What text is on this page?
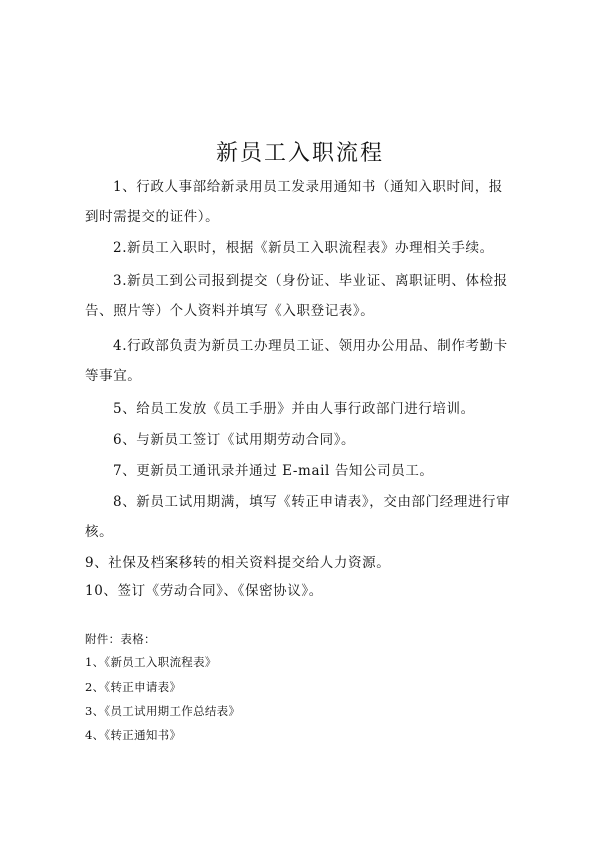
新员工入职流程
1、行政人事部给新录用员工发录用通知书（通知入职时间，报
到时需提交的证件）。
2.新员工入职时，根据《新员工入职流程表》办理相关手续。
3.新员工到公司报到提交（身份证、毕业证、离职证明、体检报
告、照片等）个人资料并填写《入职登记表》。
4.行政部负责为新员工办理员工证、领用办公用品、制作考勤卡
等事宜。
5、给员工发放《员工手册》并由人事行政部门进行培训。
6、与新员工签订《试用期劳动合同》。
7、更新员工通讯录并通过 E-mail 告知公司员工。
8、新员工试用期满，填写《转正申请表》，交由部门经理进行审
核。
9、社保及档案移转的相关资料提交给人力资源。
10、签订《劳动合同》、《保密协议》。
附件：表格：
1、《新员工入职流程表》
2、《转正申请表》
3、《员工试用期工作总结表》
4、《转正通知书》
